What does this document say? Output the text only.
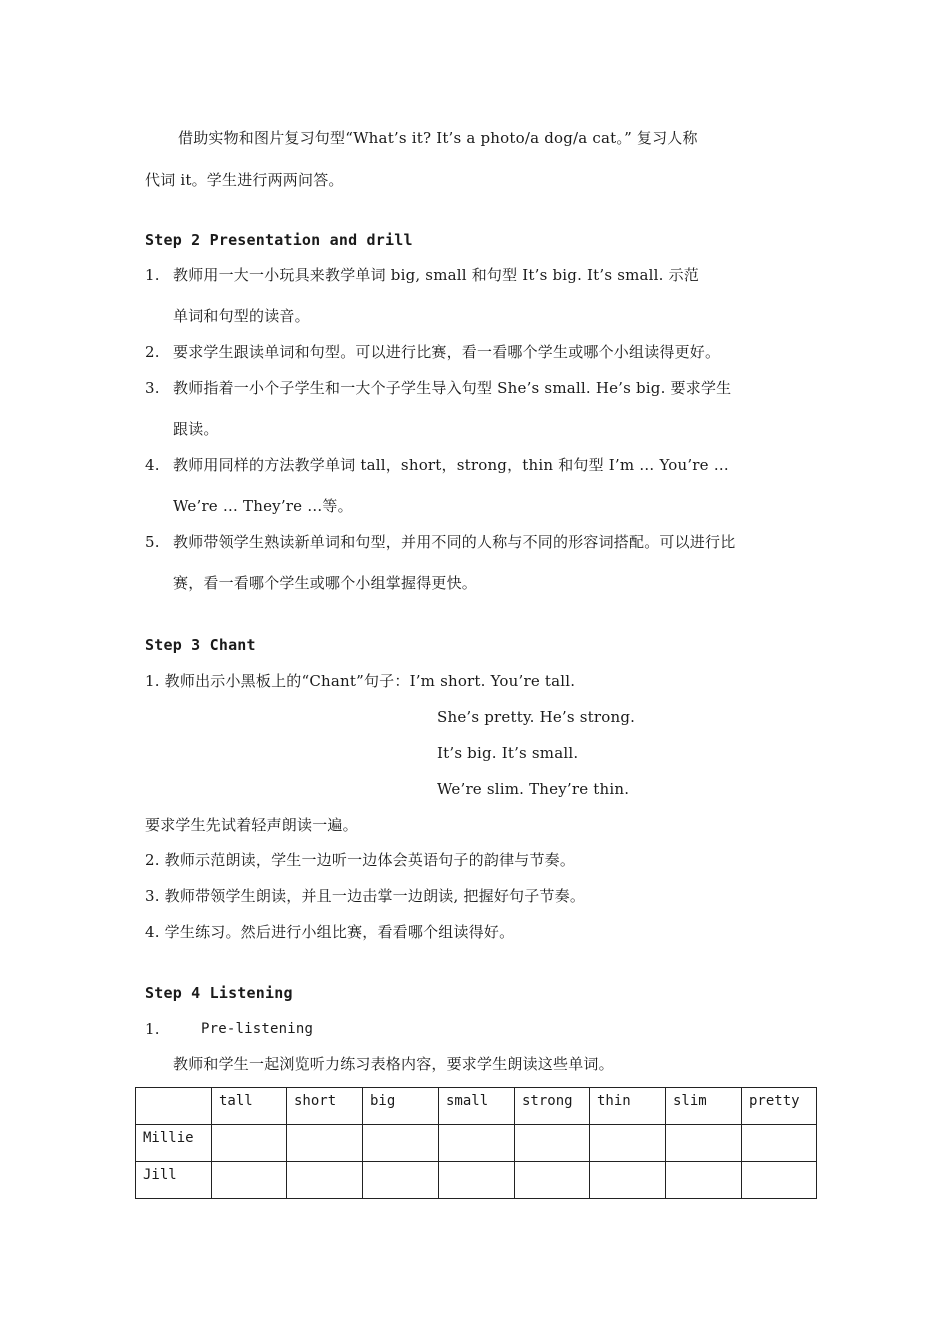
借助实物和图片复习句型“What’s it? It’s a photo/a dog/a cat。” 复习人称
代词 it。学生进行两两问答。
Step 2 Presentation and drill
1. 教师用一大一小玩具来教学单词 big, small 和句型 It’s big. It’s small. 示范
单词和句型的读音。
2. 要求学生跟读单词和句型。可以进行比赛，看一看哪个学生或哪个小组读得更好。
3. 教师指着一小个子学生和一大个子学生导入句型 She’s small. He’s big. 要求学生
跟读。
4. 教师用同样的方法教学单词 tall，short，strong，thin 和句型 I’m … You’re …
We’re … They’re …等。
5. 教师带领学生熟读新单词和句型，并用不同的人称与不同的形容词搭配。可以进行比
赛，看一看哪个学生或哪个小组掌握得更快。
Step 3 Chant
1. 教师出示小黑板上的“Chant”句子：I’m short. You’re tall.
She’s pretty. He’s strong.
It’s big. It’s small.
We’re slim. They’re thin.
要求学生先试着轻声朗读一遍。
2. 教师示范朗读，学生一边听一边体会英语句子的韵律与节奏。
3. 教师带领学生朗读，并且一边击掌一边朗读, 把握好句子节奏。
4. 学生练习。然后进行小组比赛，看看哪个组读得好。
Step 4 Listening
1.	Pre-listening
教师和学生一起浏览听力练习表格内容，要求学生朗读这些单词。
	tall	short	big	small	strong	thin	slim	pretty
Millie								
Jill								
